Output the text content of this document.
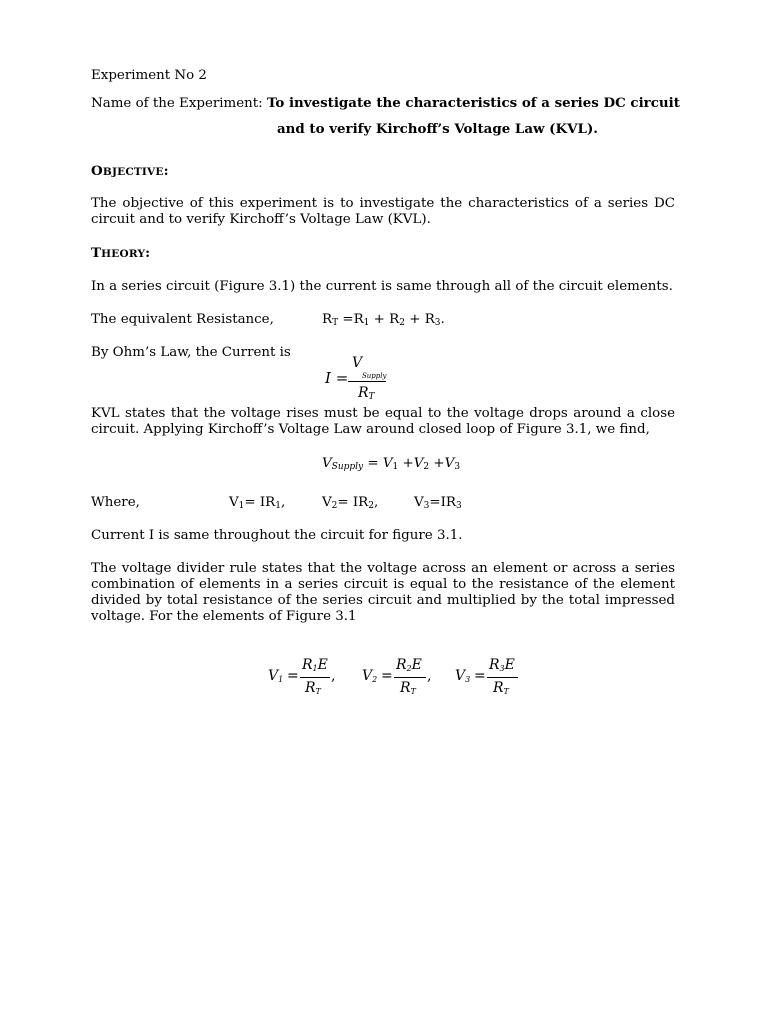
Experiment No 2
Name of the Experiment: To investigate the characteristics of a series DC circuit
and to verify Kirchoff’s Voltage Law (KVL).
OBJECTIVE:
The objective of this experiment is to investigate the characteristics of a series DC circuit and to verify Kirchoff’s Voltage Law (KVL).
THEORY:
In a series circuit (Figure 3.1) the current is same through all of the circuit elements.
The equivalent Resistance,	$R_T =R_1 + R_2 + R_3$.
By Ohm’s Law, the Current is
I =
V
Supply
$R_T$
KVL states that the voltage rises must be equal to the voltage drops around a close circuit. Applying Kirchoff’s Voltage Law around closed loop of Figure 3.1, we find,
$V_{Supply} = V_1 +V_2 +V_3$
Where,	$V_1= IR_1$,	$V_2= IR_2$,	$V_3=IR_3$
Current I is same throughout the circuit for figure 3.1.
The voltage divider rule states that the voltage across an element or across a series combination of elements in a series circuit is equal to the resistance of the element divided by total resistance of the series circuit and multiplied by the total impressed voltage. For the elements of Figure 3.1
$V_1$ =
$R_1E$
$R_T$
, $V_2$ =
$R_2E$
$R_T$
, $V_3$ =
$R_3E$
$R_T$
